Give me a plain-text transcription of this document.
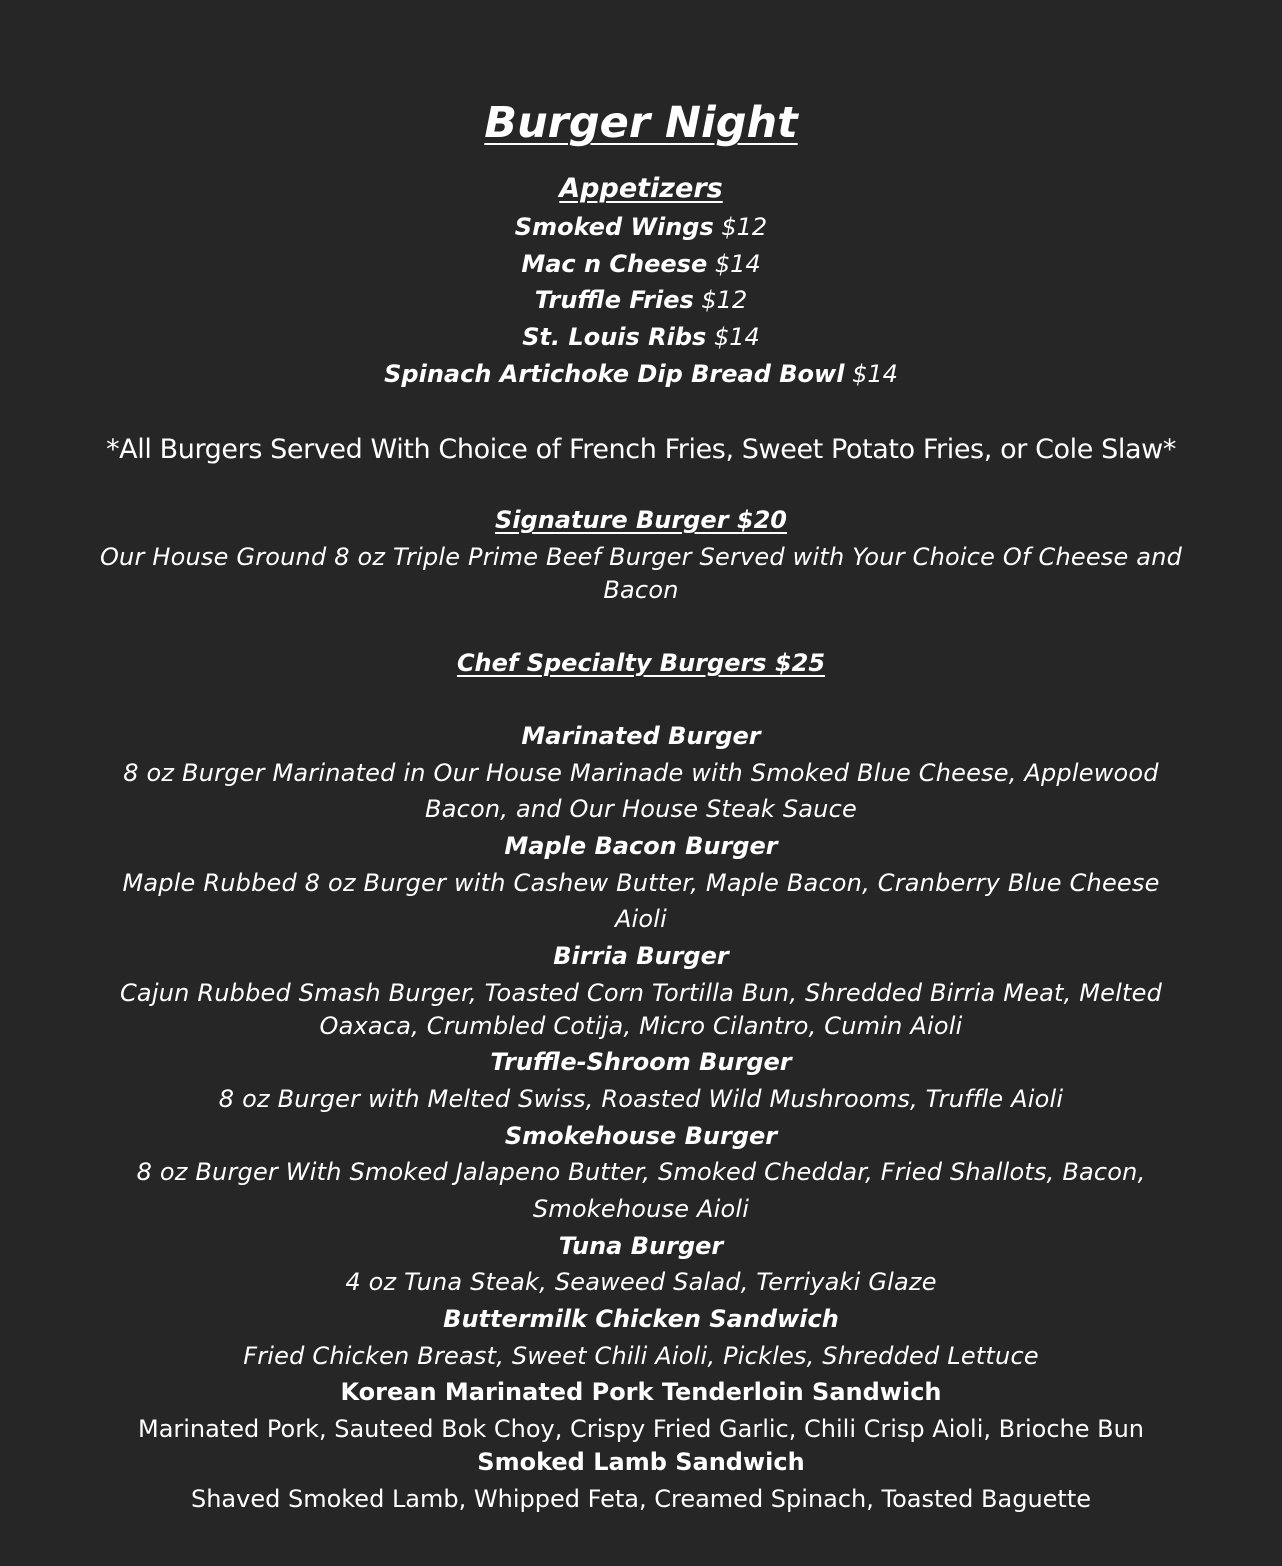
Burger Night
Appetizers
Smoked Wings $12
Mac n Cheese $14
Truffle Fries $12
St. Louis Ribs $14
Spinach Artichoke Dip Bread Bowl $14
*All Burgers Served With Choice of French Fries, Sweet Potato Fries, or Cole Slaw*
Signature Burger $20
Our House Ground 8 oz Triple Prime Beef Burger Served with Your Choice Of Cheese and
Bacon
Chef Specialty Burgers $25
Marinated Burger
8 oz Burger Marinated in Our House Marinade with Smoked Blue Cheese, Applewood
Bacon, and Our House Steak Sauce
Maple Bacon Burger
Maple Rubbed 8 oz Burger with Cashew Butter, Maple Bacon, Cranberry Blue Cheese
Aioli
Birria Burger
Cajun Rubbed Smash Burger, Toasted Corn Tortilla Bun, Shredded Birria Meat, Melted
Oaxaca, Crumbled Cotija, Micro Cilantro, Cumin Aioli
Truffle-Shroom Burger
8 oz Burger with Melted Swiss, Roasted Wild Mushrooms, Truffle Aioli
Smokehouse Burger
8 oz Burger With Smoked Jalapeno Butter, Smoked Cheddar, Fried Shallots, Bacon,
Smokehouse Aioli
Tuna Burger
4 oz Tuna Steak, Seaweed Salad, Terriyaki Glaze
Buttermilk Chicken Sandwich
Fried Chicken Breast, Sweet Chili Aioli, Pickles, Shredded Lettuce
Korean Marinated Pork Tenderloin Sandwich
Marinated Pork, Sauteed Bok Choy, Crispy Fried Garlic, Chili Crisp Aioli, Brioche Bun
Smoked Lamb Sandwich
Shaved Smoked Lamb, Whipped Feta, Creamed Spinach, Toasted Baguette
